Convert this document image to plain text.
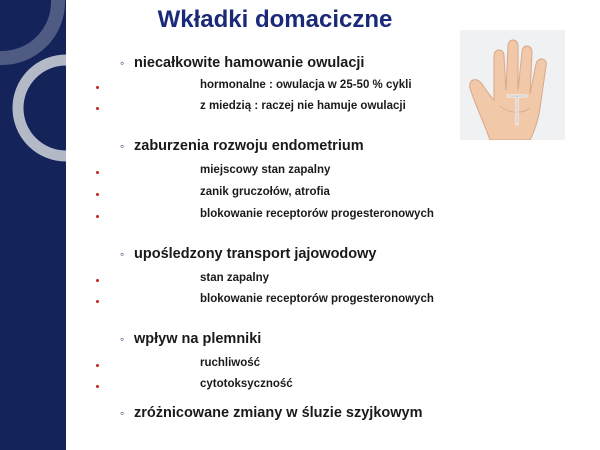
Wkładki domaciczne
◦ niecałkowite hamowanie owulacji
hormonalne : owulacja w 25-50 % cykli
z miedzią : raczej nie hamuje owulacji
◦ zaburzenia rozwoju endometrium
miejscowy stan zapalny
zanik gruczołów, atrofia
blokowanie receptorów progesteronowych
◦ upośledzony transport jajowodowy
stan zapalny
blokowanie receptorów progesteronowych
◦ wpływ na plemniki
ruchliwość
cytotoksyczność
◦ zróżnicowane zmiany w śluzie szyjkowym
